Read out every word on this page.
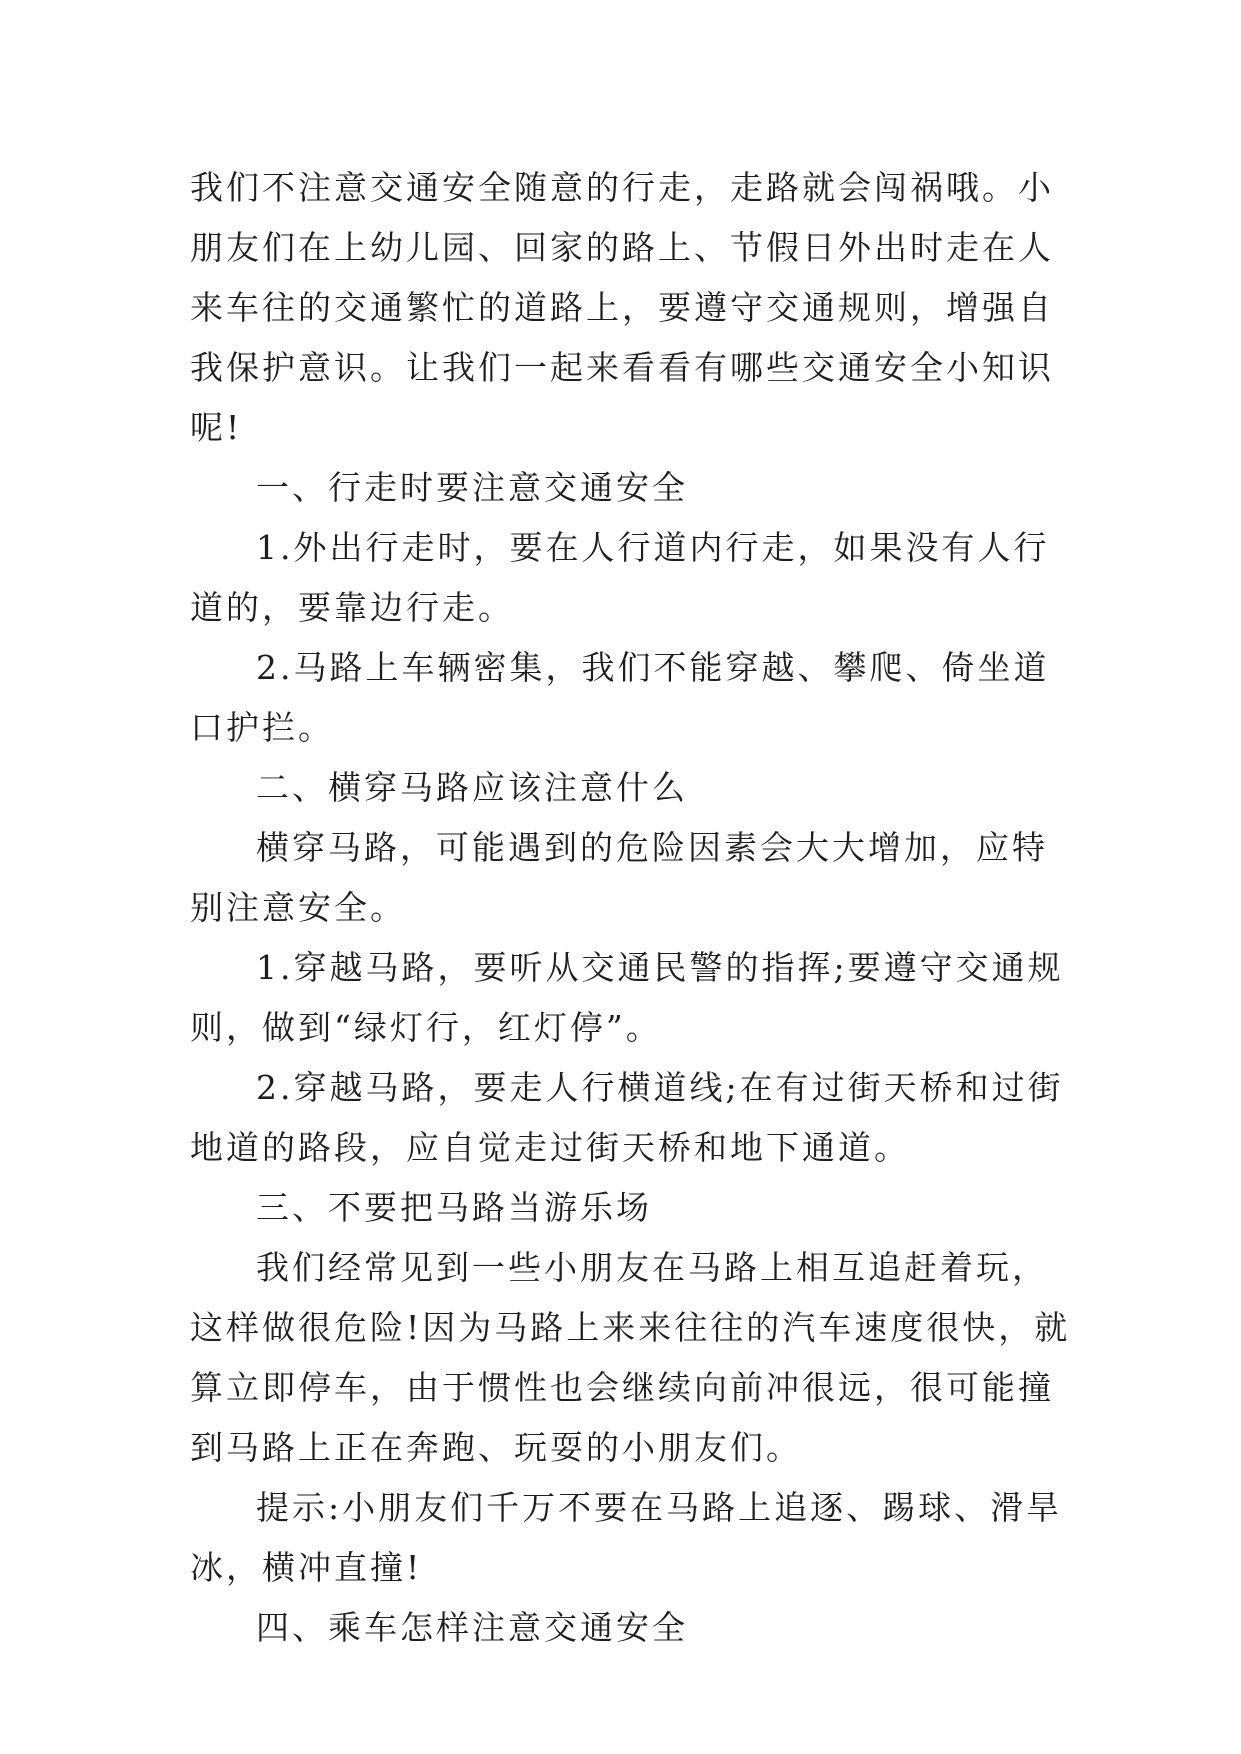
我们不注意交通安全随意的行走，走路就会闯祸哦。小朋友们在上幼儿园、回家的路上、节假日外出时走在人来车往的交通繁忙的道路上，要遵守交通规则，增强自我保护意识。让我们一起来看看有哪些交通安全小知识呢!

一、行走时要注意交通安全

1.外出行走时，要在人行道内行走，如果没有人行道的，要靠边行走。

2.马路上车辆密集，我们不能穿越、攀爬、倚坐道口护拦。

二、横穿马路应该注意什么

横穿马路，可能遇到的危险因素会大大增加，应特别注意安全。

1.穿越马路，要听从交通民警的指挥;要遵守交通规则，做到“绿灯行，红灯停”。

2.穿越马路，要走人行横道线;在有过街天桥和过街地道的路段，应自觉走过街天桥和地下通道。

三、不要把马路当游乐场

我们经常见到一些小朋友在马路上相互追赶着玩，这样做很危险!因为马路上来来往往的汽车速度很快，就算立即停车，由于惯性也会继续向前冲很远，很可能撞到马路上正在奔跑、玩耍的小朋友们。

提示:小朋友们千万不要在马路上追逐、踢球、滑旱冰，横冲直撞!

四、乘车怎样注意交通安全
